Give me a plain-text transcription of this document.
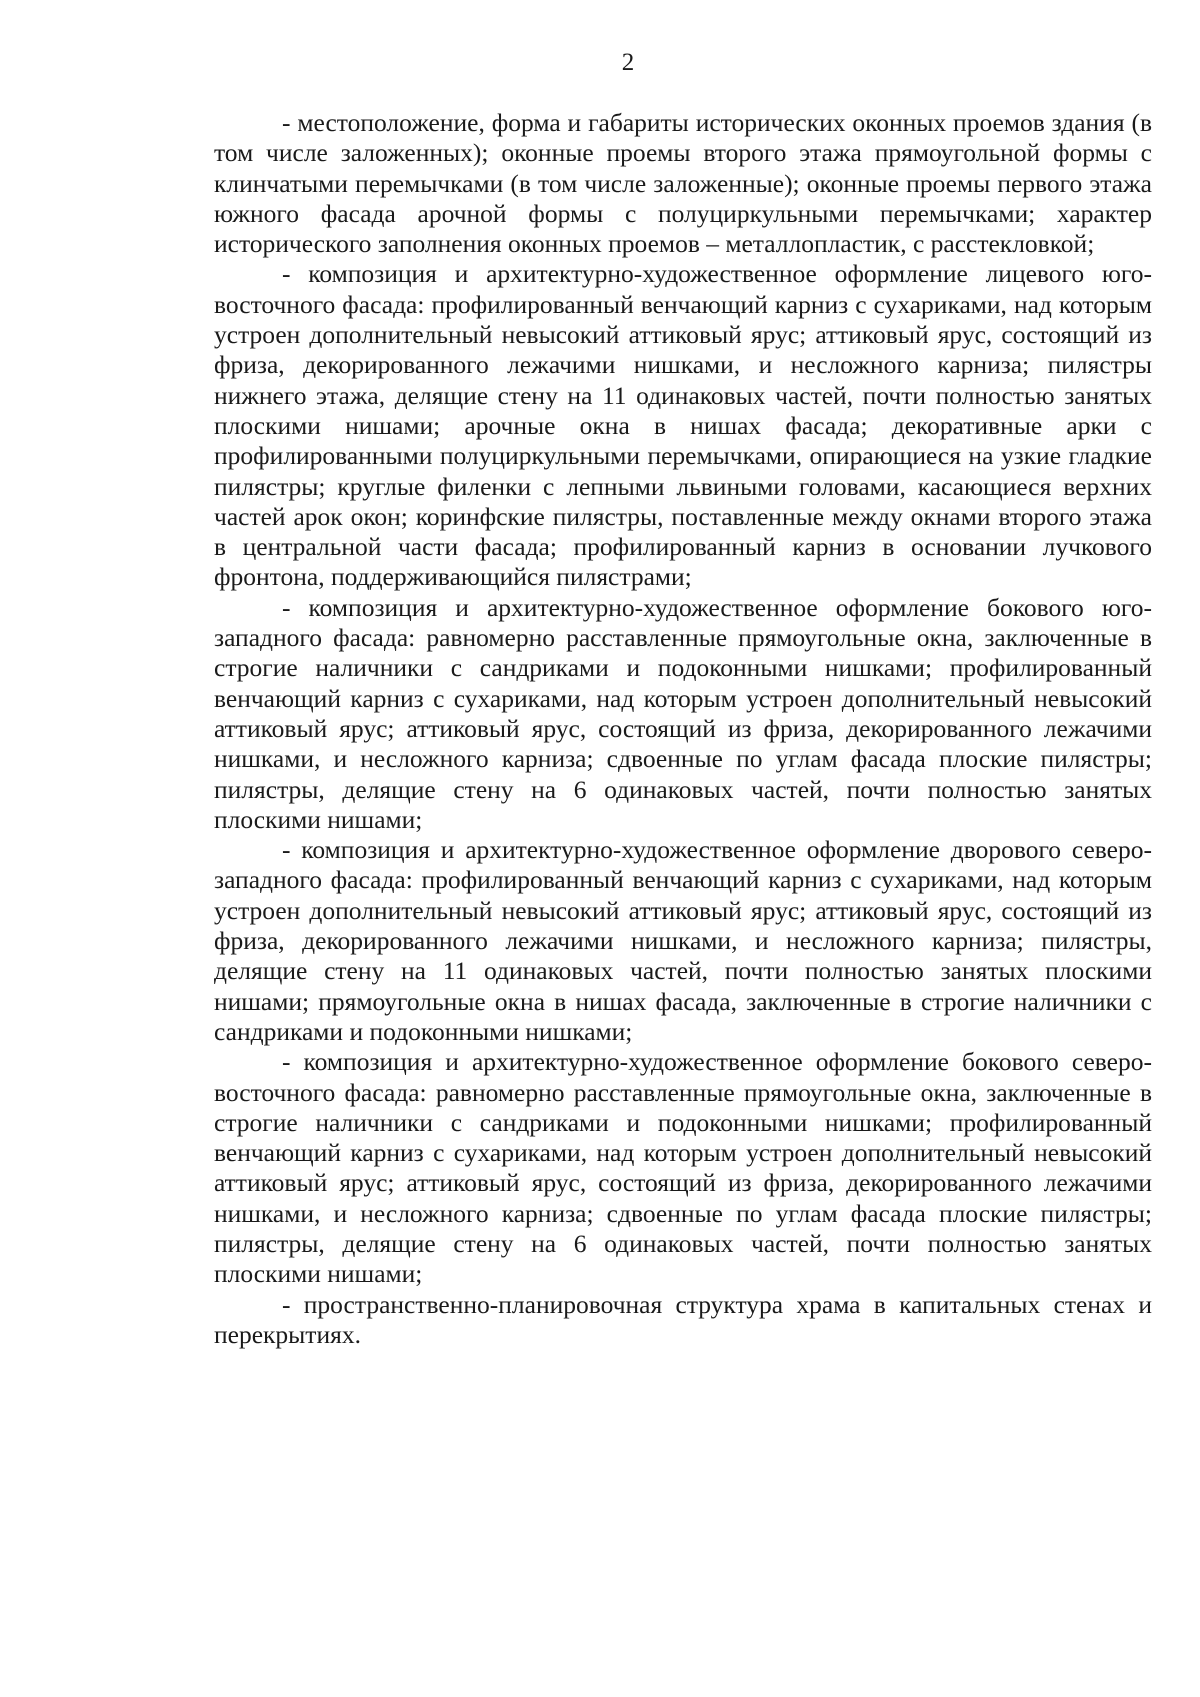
2

- местоположение, форма и габариты исторических оконных проемов здания (в том числе заложенных); оконные проемы второго этажа прямоугольной формы с клинчатыми перемычками (в том числе заложенные); оконные проемы первого этажа южного фасада арочной формы с полуциркульными перемычками; характер исторического заполнения оконных проемов – металлопластик, с расстекловкой;

- композиция и архитектурно-художественное оформление лицевого юго-восточного фасада: профилированный венчающий карниз с сухариками, над которым устроен дополнительный невысокий аттиковый ярус; аттиковый ярус, состоящий из фриза, декорированного лежачими нишками, и несложного карниза; пилястры нижнего этажа, делящие стену на 11 одинаковых частей, почти полностью занятых плоскими нишами; арочные окна в нишах фасада; декоративные арки с профилированными полуциркульными перемычками, опирающиеся на узкие гладкие пилястры; круглые филенки с лепными львиными головами, касающиеся верхних частей арок окон; коринфские пилястры, поставленные между окнами второго этажа в центральной части фасада; профилированный карниз в основании лучкового фронтона, поддерживающийся пилястрами;

- композиция и архитектурно-художественное оформление бокового юго-западного фасада: равномерно расставленные прямоугольные окна, заключенные в строгие наличники с сандриками и подоконными нишками; профилированный венчающий карниз с сухариками, над которым устроен дополнительный невысокий аттиковый ярус; аттиковый ярус, состоящий из фриза, декорированного лежачими нишками, и несложного карниза; сдвоенные по углам фасада плоские пилястры; пилястры, делящие стену на 6 одинаковых частей, почти полностью занятых плоскими нишами;

- композиция и архитектурно-художественное оформление дворового северо-западного фасада: профилированный венчающий карниз с сухариками, над которым устроен дополнительный невысокий аттиковый ярус; аттиковый ярус, состоящий из фриза, декорированного лежачими нишками, и несложного карниза; пилястры, делящие стену на 11 одинаковых частей, почти полностью занятых плоскими нишами; прямоугольные окна в нишах фасада, заключенные в строгие наличники с сандриками и подоконными нишками;

- композиция и архитектурно-художественное оформление бокового северо-восточного фасада: равномерно расставленные прямоугольные окна, заключенные в строгие наличники с сандриками и подоконными нишками; профилированный венчающий карниз с сухариками, над которым устроен дополнительный невысокий аттиковый ярус; аттиковый ярус, состоящий из фриза, декорированного лежачими нишками, и несложного карниза; сдвоенные по углам фасада плоские пилястры; пилястры, делящие стену на 6 одинаковых частей, почти полностью занятых плоскими нишами;

- пространственно-планировочная структура храма в капитальных стенах и перекрытиях.
